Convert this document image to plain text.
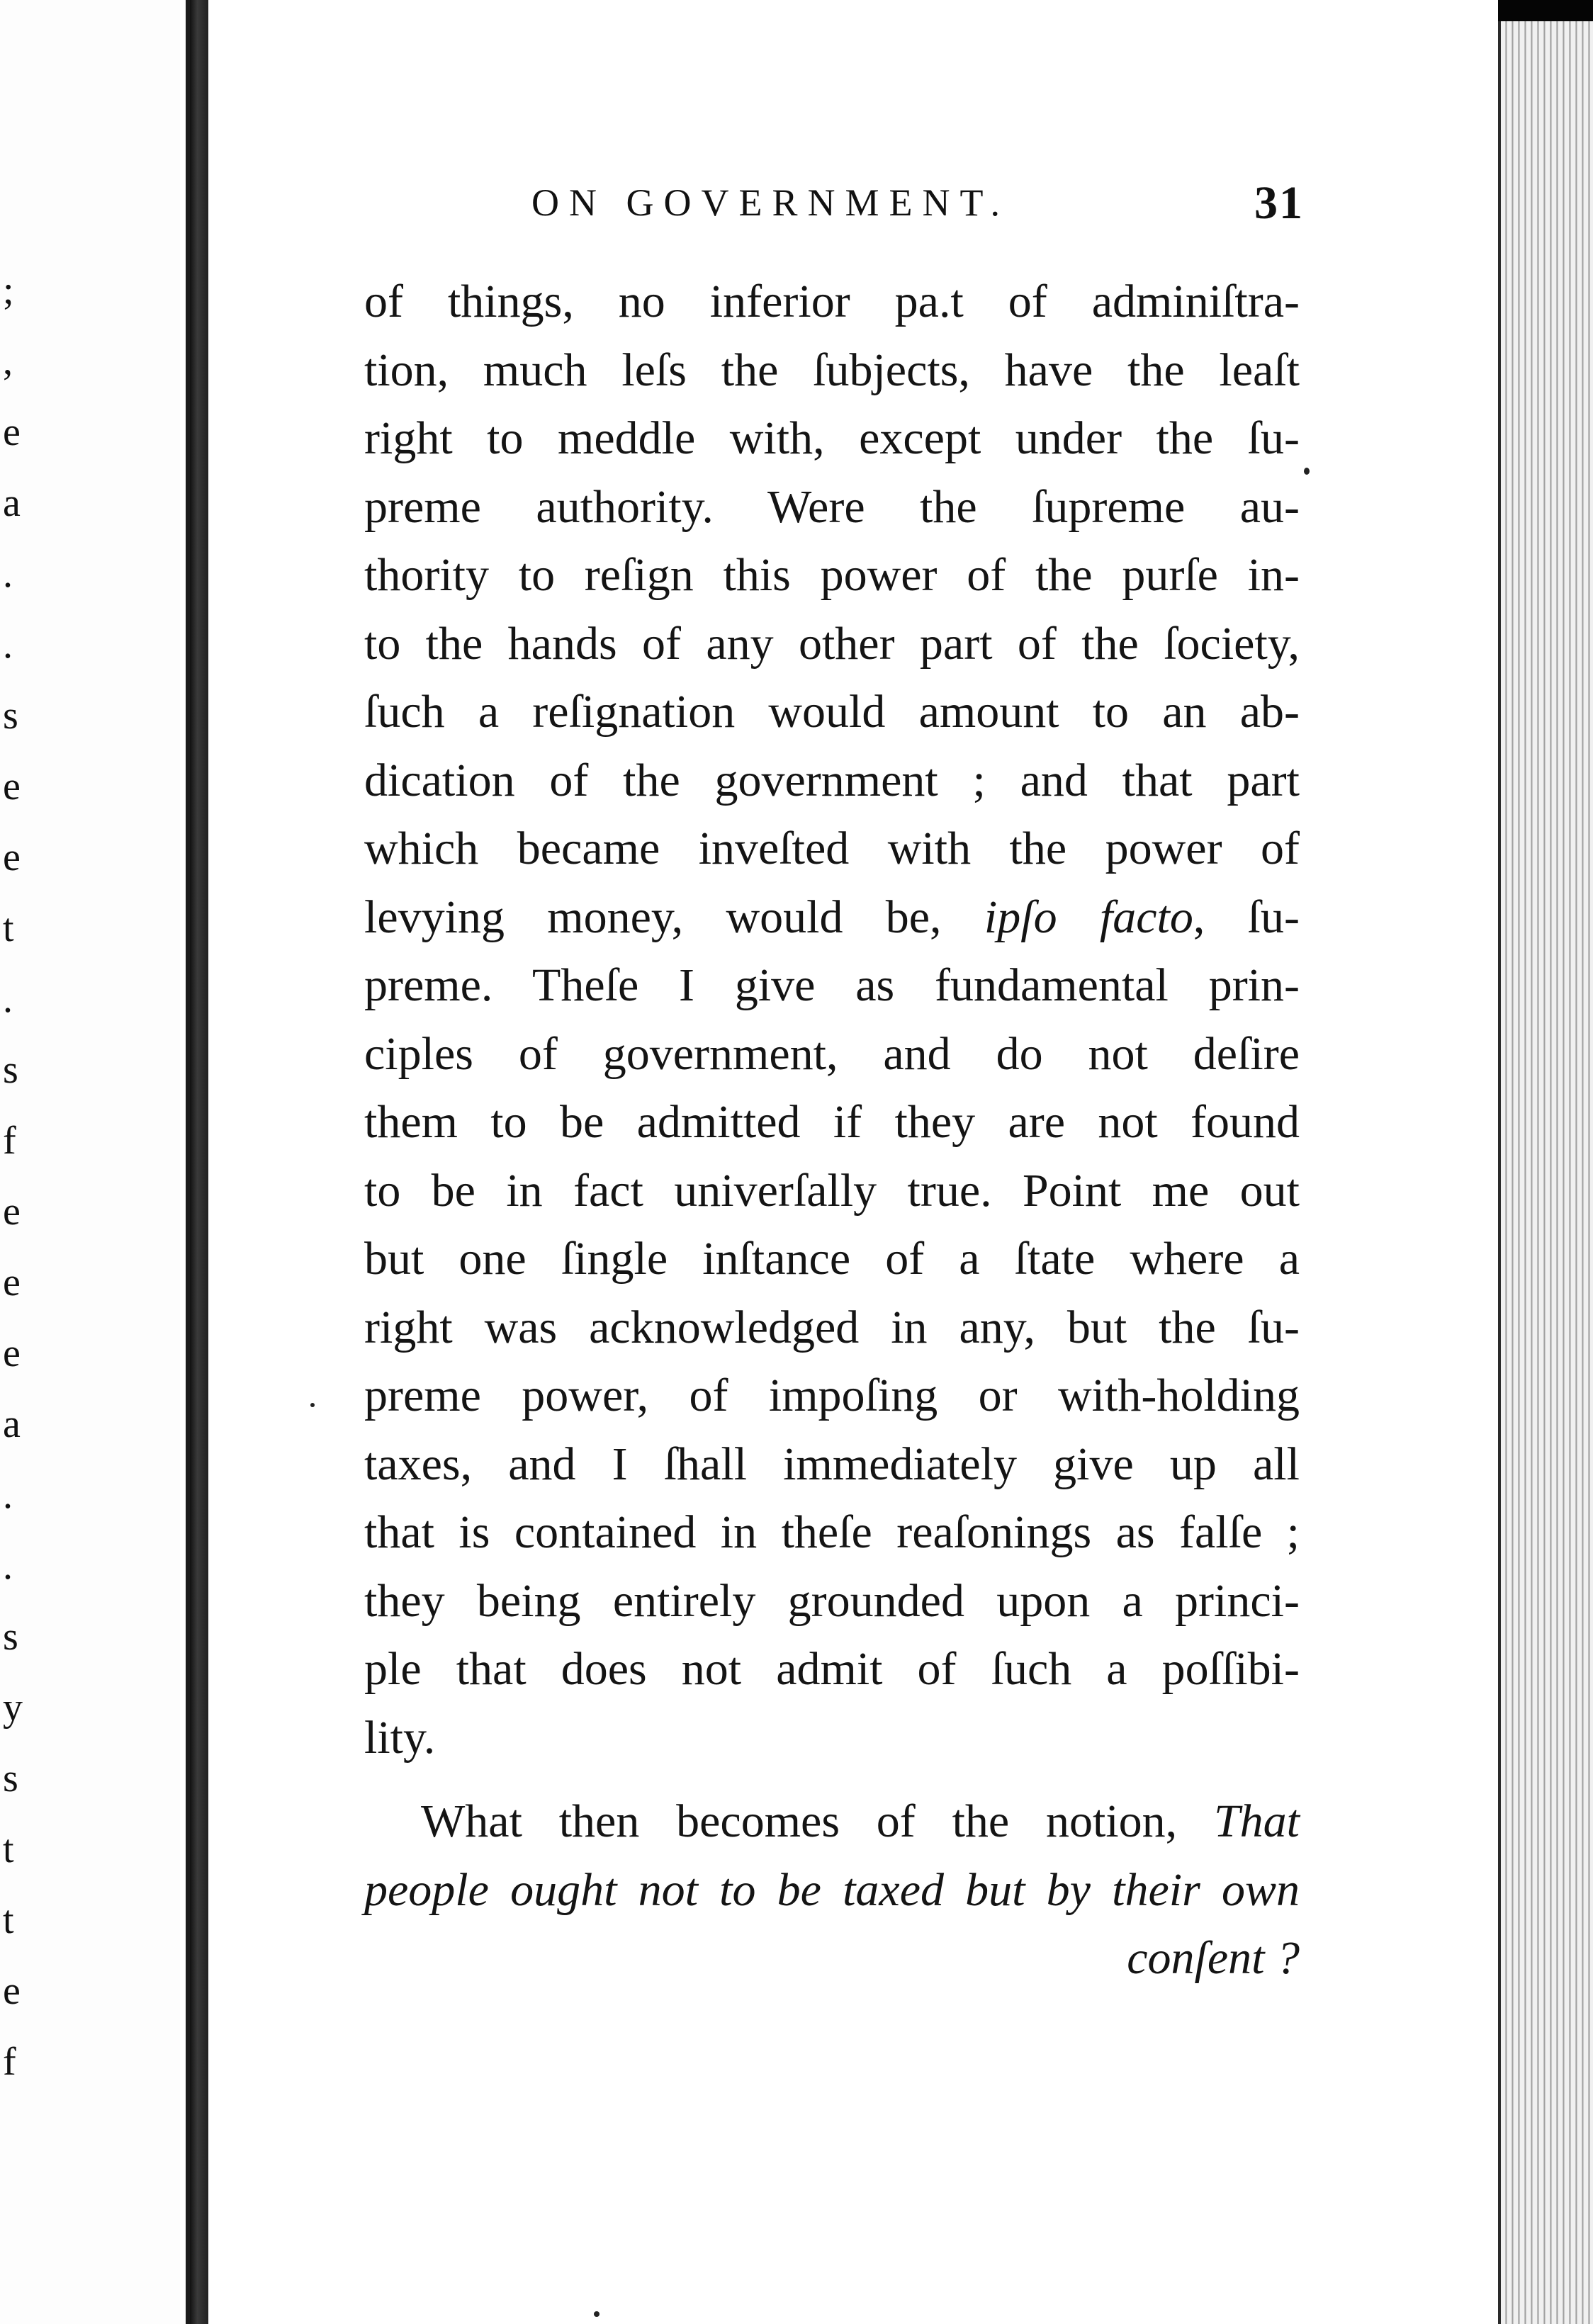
;
,
e
a
.
.
s
e
e
t
.
s
f
e
e
e
a
.
.
s
y
s
t
t
e
f
ON GOVERNMENT.	31
of things, no inferior pa.t of adminiſtra-
tion, much leſs the ſubjects, have the leaſt
right to meddle with, except under the ſu-
preme authority. Were the ſupreme au-
thority to reſign this power of the purſe in-
to the hands of any other part of the ſociety,
ſuch a reſignation would amount to an ab-
dication of the government ; and that part
which became inveſted with the power of
levying money, would be, ipſo facto, ſu-
preme. Theſe I give as fundamental prin-
ciples of government, and do not deſire
them to be admitted if they are not found
to be in fact univerſally true. Point me out
but one ſingle inſtance of a ſtate where a
right was acknowledged in any, but the ſu-
preme power, of impoſing or with-holding
taxes, and I ſhall immediately give up all
that is contained in theſe reaſonings as falſe ;
they being entirely grounded upon a princi-
ple that does not admit of ſuch a poſſibi-
lity.
What then becomes of the notion, That
people ought not to be taxed but by their own
conſent ?
